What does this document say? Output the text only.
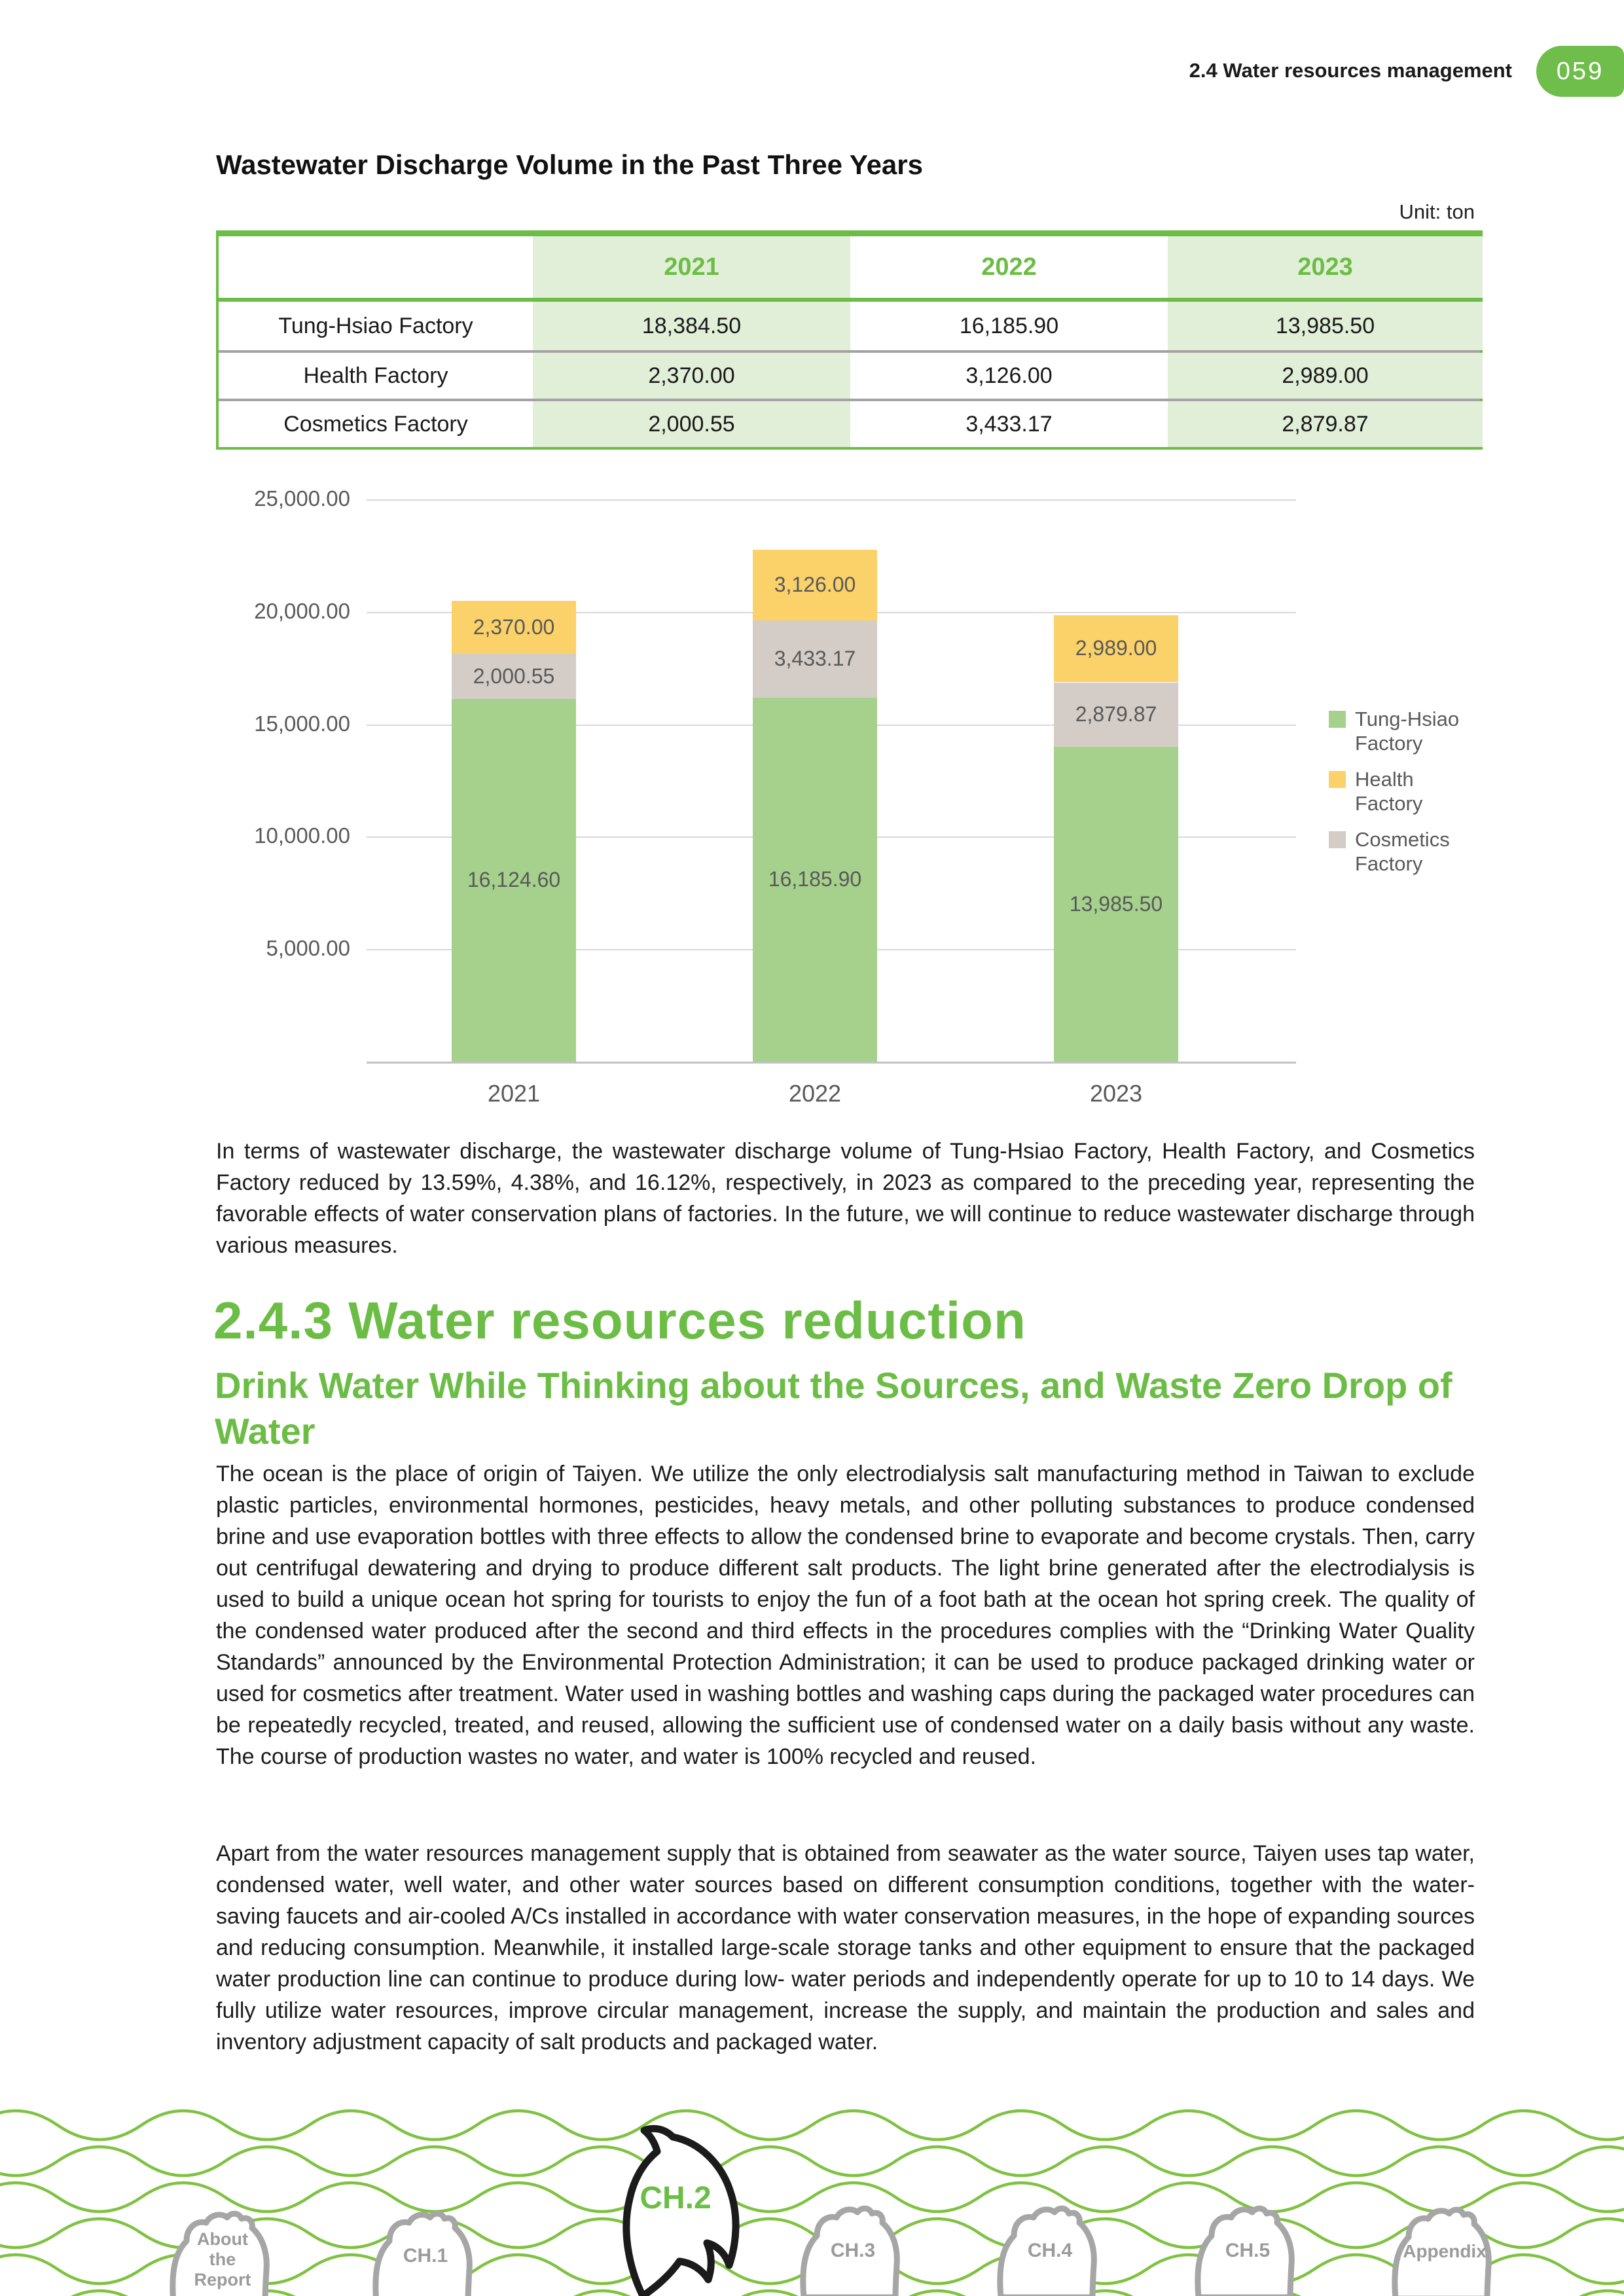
2.4 Water resources management 059
Wastewater Discharge Volume in the Past Three Years
Unit: ton
2021	2022	2023
Tung-Hsiao Factory	18,384.50	16,185.90	13,985.50
Health Factory	2,370.00	3,126.00	2,989.00
Cosmetics Factory	2,000.55	3,433.17	2,879.87
25,000.00
20,000.00
15,000.00
10,000.00
5,000.00
16,124.60
2,000.55
2,370.00
2021
16,185.90
3,433.17
3,126.00
2022
13,985.50
2,879.87
2,989.00
2023
Tung-Hsiao
Factory
Health
Factory
Cosmetics
Factory
In terms of wastewater discharge, the wastewater discharge volume of Tung-Hsiao Factory, Health Factory, and Cosmetics Factory reduced by 13.59%, 4.38%, and 16.12%, respectively, in 2023 as compared to the preceding year, representing the favorable effects of water conservation plans of factories. In the future, we will continue to reduce wastewater discharge through various measures.
2.4.3 Water resources reduction
Drink Water While Thinking about the Sources, and Waste Zero Drop of Water
The ocean is the place of origin of Taiyen. We utilize the only electrodialysis salt manufacturing method in Taiwan to exclude plastic particles, environmental hormones, pesticides, heavy metals, and other polluting substances to produce condensed brine and use evaporation bottles with three effects to allow the condensed brine to evaporate and become crystals. Then, carry out centrifugal dewatering and drying to produce different salt products. The light brine generated after the electrodialysis is used to build a unique ocean hot spring for tourists to enjoy the fun of a foot bath at the ocean hot spring creek. The quality of the condensed water produced after the second and third effects in the procedures complies with the “Drinking Water Quality Standards” announced by the Environmental Protection Administration; it can be used to produce packaged drinking water or used for cosmetics after treatment. Water used in washing bottles and washing caps during the packaged water procedures can be repeatedly recycled, treated, and reused, allowing the sufficient use of condensed water on a daily basis without any waste. The course of production wastes no water, and water is 100% recycled and reused.
Apart from the water resources management supply that is obtained from seawater as the water source, Taiyen uses tap water, condensed water, well water, and other water sources based on different consumption conditions, together with the water-saving faucets and air-cooled A/Cs installed in accordance with water conservation measures, in the hope of expanding sources and reducing consumption. Meanwhile, it installed large-scale storage tanks and other equipment to ensure that the packaged water production line can continue to produce during low- water periods and independently operate for up to 10 to 14 days. We fully utilize water resources, improve circular management, increase the supply, and maintain the production and sales and inventory adjustment capacity of salt products and packaged water.
About the Report
CH.1
CH.2
CH.3	CH.4	CH.5	Appendix
